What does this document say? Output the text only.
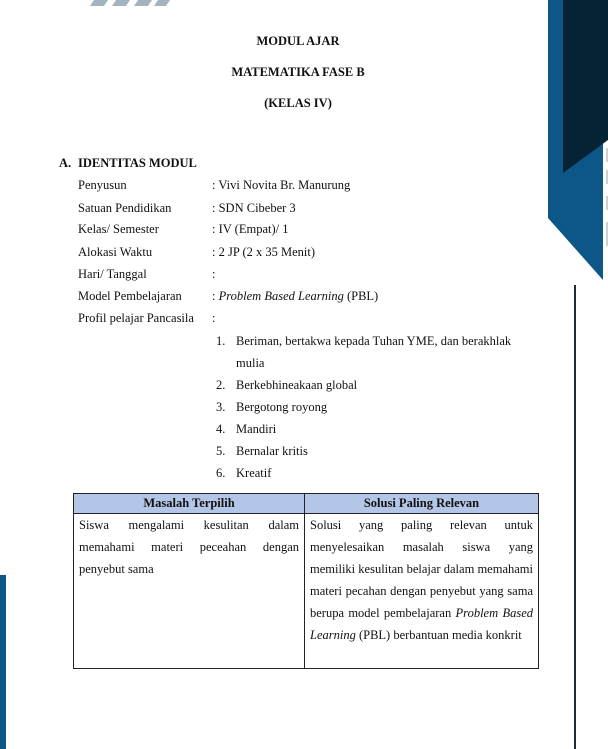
MODUL AJAR
MATEMATIKA FASE B
(KELAS IV)
A. IDENTITAS MODUL
Penyusun	: Vivi Novita Br. Manurung
Satuan Pendidikan	: SDN Cibeber 3
Kelas/ Semester	: IV (Empat)/ 1
Alokasi Waktu	: 2 JP (2 x 35 Menit)
Hari/ Tanggal	:
Model Pembelajaran : Problem Based Learning (PBL)
Profil pelajar Pancasila :
1. Beriman, bertakwa kepada Tuhan YME, dan berakhlak mulia
2. Berkebhineakaan global
3. Bergotong royong
4. Mandiri
5. Bernalar kritis
6. Kreatif
Masalah Terpilih	Solusi Paling Relevan
Siswa mengalami kesulitan dalam memahami materi peceahan dengan penyebut sama	Solusi yang paling relevan untuk menyelesaikan masalah siswa yang memiliki kesulitan belajar dalam memahami materi pecahan dengan penyebut yang sama berupa model pembelajaran Problem Based Learning (PBL) berbantuan media konkrit
